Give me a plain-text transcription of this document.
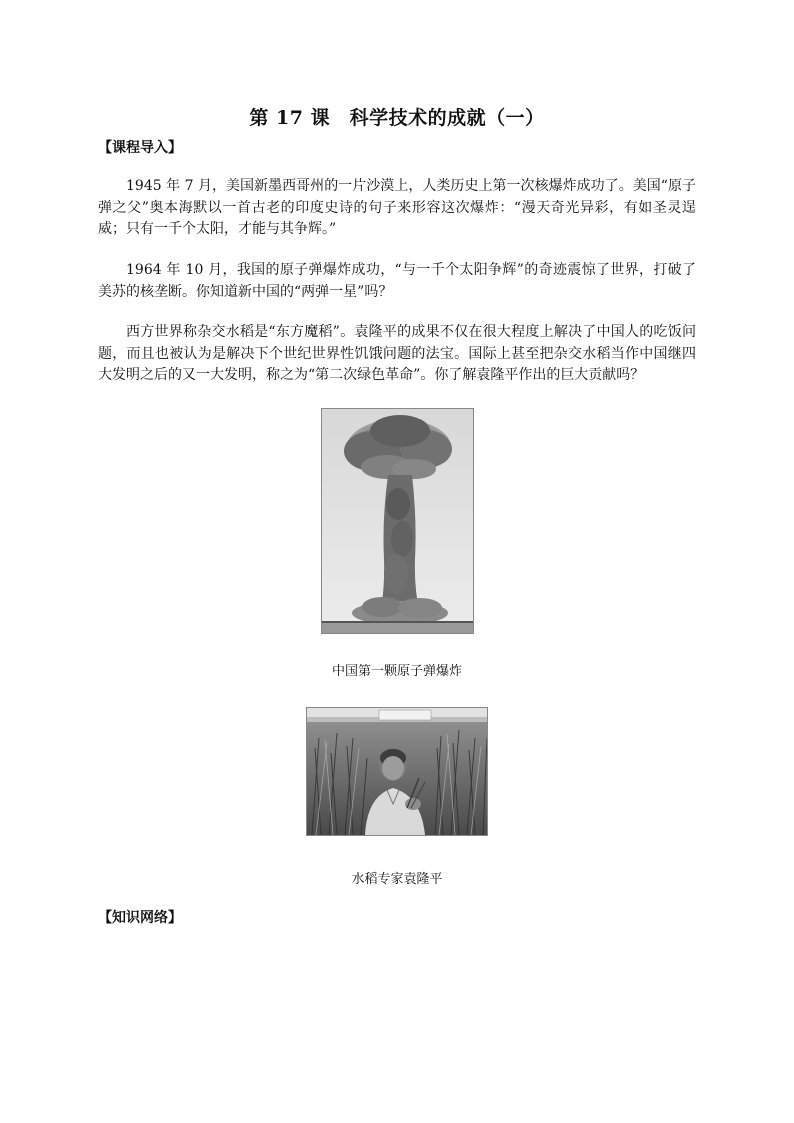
第 17 课　科学技术的成就（一）
【课程导入】
1945 年 7 月，美国新墨西哥州的一片沙漠上，人类历史上第一次核爆炸成功了。美国“原子弹之父”奥本海默以一首古老的印度史诗的句子来形容这次爆炸：“漫天奇光异彩，有如圣灵逞威；只有一千个太阳，才能与其争辉。”
1964 年 10 月，我国的原子弹爆炸成功，“与一千个太阳争辉”的奇迹震惊了世界，打破了美苏的核垄断。你知道新中国的“两弹一星”吗？
西方世界称杂交水稻是“东方魔稻”。袁隆平的成果不仅在很大程度上解决了中国人的吃饭问题，而且也被认为是解决下个世纪世界性饥饿问题的法宝。国际上甚至把杂交水稻当作中国继四大发明之后的又一大发明，称之为“第二次绿色革命”。你了解袁隆平作出的巨大贡献吗？
中国第一颗原子弹爆炸
水稻专家袁隆平
【知识网络】
